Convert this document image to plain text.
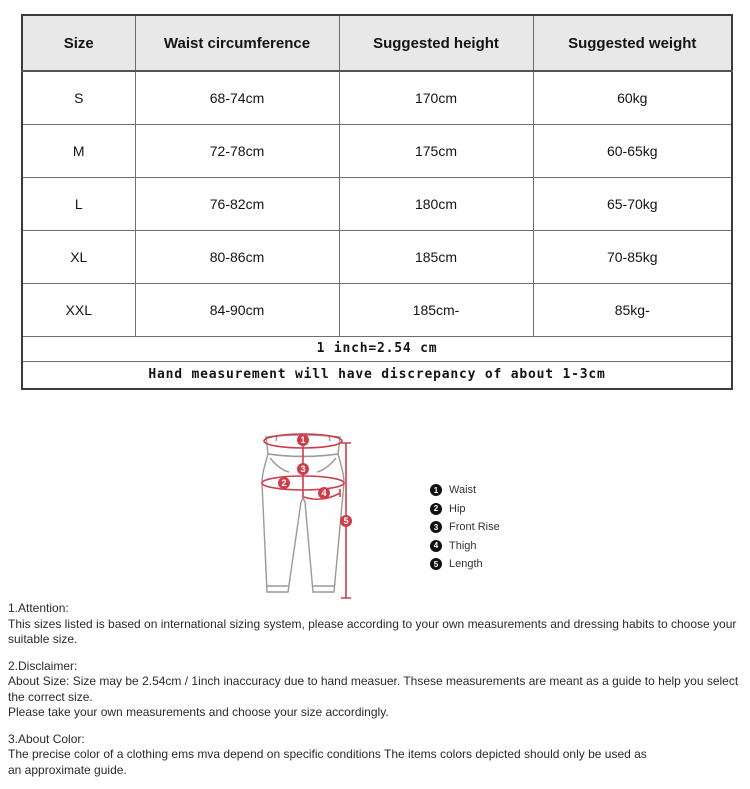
Size	Waist circumference	Suggested height	Suggested weight
S	68-74cm	170cm	60kg
M	72-78cm	175cm	60-65kg
L	76-82cm	180cm	65-70kg
XL	80-86cm	185cm	70-85kg
XXL	84-90cm	185cm-	85kg-
1 inch=2.54 cm			
Hand measurement will have discrepancy of about 1-3cm			
1
2
3
4
5
1 Waist
2 Hip
3 Front Rise
4 Thigh
5 Length

1.Attention:

This sizes listed is based on international sizing system, please according to your own measurements and dressing habits to choose your suitable size.

2.Disclaimer:

About Size: Size may be 2.54cm / 1inch inaccuracy due to hand measuer. Thsese measurements are meant as a guide to help you select the correct size.

Please take your own measurements and choose your size accordingly.

3.About Color:

The precise color of a clothing ems mva depend on specific conditions The items colors depicted should only be used as

an approximate guide.
